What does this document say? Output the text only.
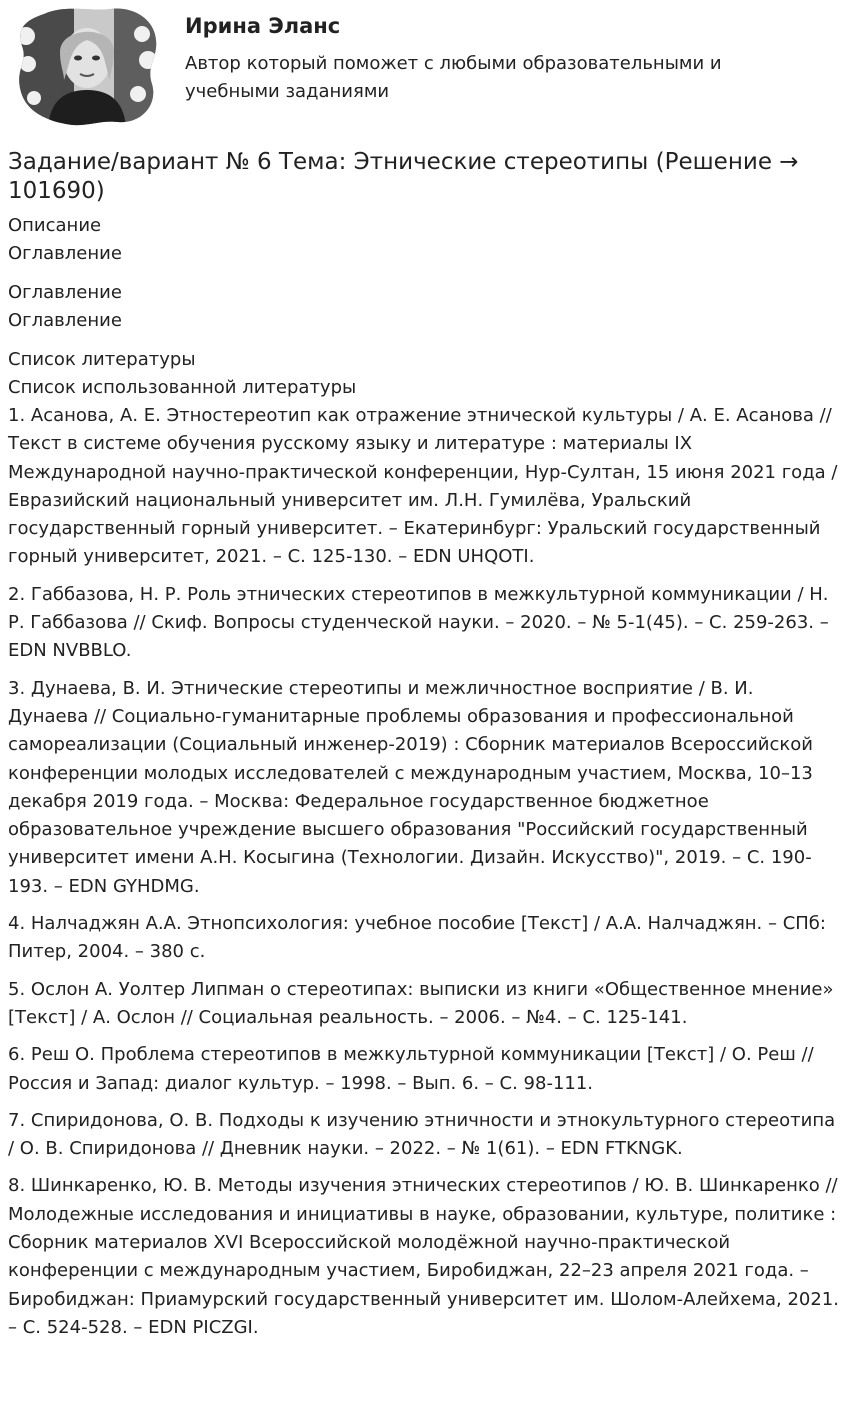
Ирина Эланс

Автор который поможет с любыми образовательными и учебными заданиями

Задание/вариант № 6 Тема: Этнические стереотипы (Решение → 101690)

Описание

Оглавление

Оглавление

Оглавление

Список литературы

Список использованной литературы

1. Асанова, А. Е. Этностереотип как отражение этнической культуры / А. Е. Асанова // Текст в системе обучения русскому языку и литературе : материалы IX Международной научно-практической конференции, Нур-Султан, 15 июня 2021 года / Евразийский национальный университет им. Л.Н. Гумилёва, Уральский государственный горный университет. – Екатеринбург: Уральский государственный горный университет, 2021. – С. 125-130. – EDN UHQOTI.
2. Габбазова, Н. Р. Роль этнических стереотипов в межкультурной коммуникации / Н. Р. Габбазова // Скиф. Вопросы студенческой науки. – 2020. – № 5-1(45). – С. 259-263. – EDN NVBBLO.
3. Дунаева, В. И. Этнические стереотипы и межличностное восприятие / В. И. Дунаева // Социально-гуманитарные проблемы образования и профессиональной самореализации (Социальный инженер-2019) : Сборник материалов Всероссийской конференции молодых исследователей с международным участием, Москва, 10–13 декабря 2019 года. – Москва: Федеральное государственное бюджетное образовательное учреждение высшего образования "Российский государственный университет имени А.Н. Косыгина (Технологии. Дизайн. Искусство)", 2019. – С. 190-193. – EDN GYHDMG.
4. Налчаджян А.А. Этнопсихология: учебное пособие [Текст] / А.А. Налчаджян. – СПб: Питер, 2004. – 380 с.
5. Ослон А. Уолтер Липман о стереотипах: выписки из книги «Общественное мнение» [Текст] / А. Ослон // Социальная реальность. – 2006. – №4. – С. 125-141.
6. Реш О. Проблема стереотипов в межкультурной коммуникации [Текст] / О. Реш // Россия и Запад: диалог культур. – 1998. – Вып. 6. – С. 98-111.
7. Спиридонова, О. В. Подходы к изучению этничности и этнокультурного стереотипа / О. В. Спиридонова // Дневник науки. – 2022. – № 1(61). – EDN FTKNGK.
8. Шинкаренко, Ю. В. Методы изучения этнических стереотипов / Ю. В. Шинкаренко // Молодежные исследования и инициативы в науке, образовании, культуре, политике : Сборник материалов XVI Всероссийской молодёжной научно-практической конференции с международным участием, Биробиджан, 22–23 апреля 2021 года. – Биробиджан: Приамурский государственный университет им. Шолом-Алейхема, 2021. – С. 524-528. – EDN PICZGI.
